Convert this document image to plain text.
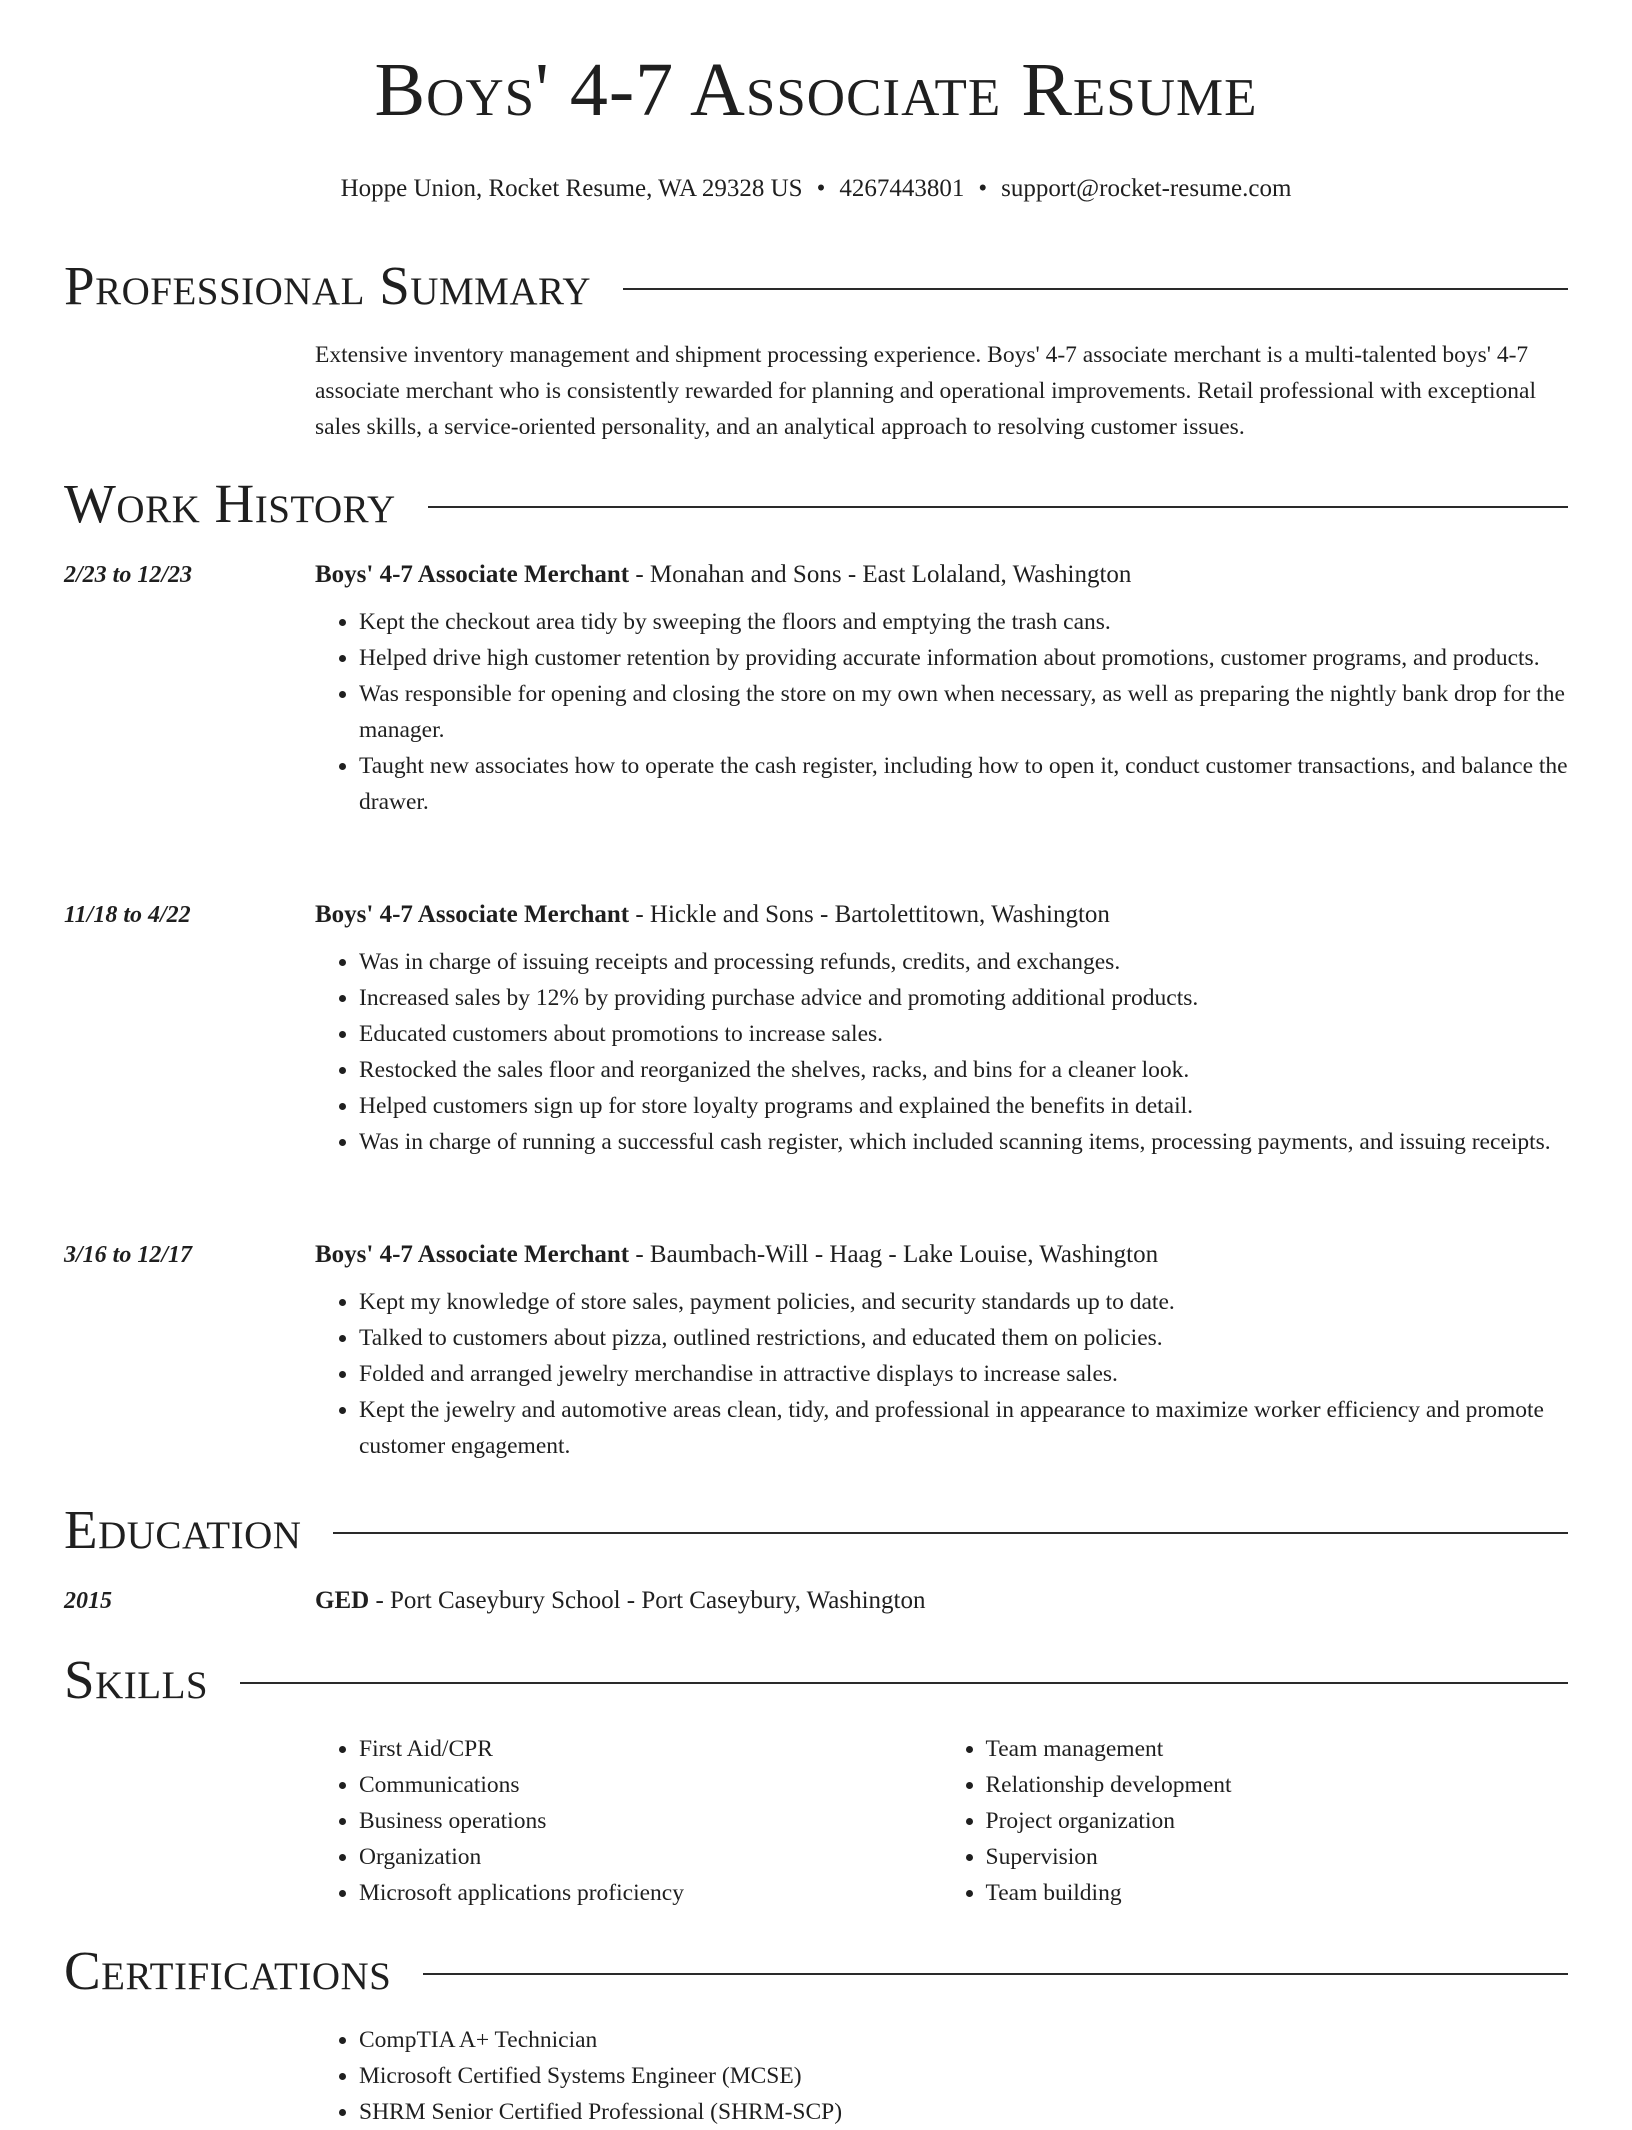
Boys' 4-7 Associate Resume
Hoppe Union, Rocket Resume, WA 29328 US • 4267443801 • support@rocket-resume.com
Professional Summary
Extensive inventory management and shipment processing experience. Boys' 4-7 associate merchant is a multi-talented boys' 4-7 associate merchant who is consistently rewarded for planning and operational improvements. Retail professional with exceptional sales skills, a service-oriented personality, and an analytical approach to resolving customer issues.
Work History
2/23 to 12/23	Boys' 4-7 Associate Merchant - Monahan and Sons - East Lolaland, Washington
• Kept the checkout area tidy by sweeping the floors and emptying the trash cans.
• Helped drive high customer retention by providing accurate information about promotions, customer programs, and products.
• Was responsible for opening and closing the store on my own when necessary, as well as preparing the nightly bank drop for the manager.
• Taught new associates how to operate the cash register, including how to open it, conduct customer transactions, and balance the drawer.
11/18 to 4/22	Boys' 4-7 Associate Merchant - Hickle and Sons - Bartolettitown, Washington
• Was in charge of issuing receipts and processing refunds, credits, and exchanges.
• Increased sales by 12% by providing purchase advice and promoting additional products.
• Educated customers about promotions to increase sales.
• Restocked the sales floor and reorganized the shelves, racks, and bins for a cleaner look.
• Helped customers sign up for store loyalty programs and explained the benefits in detail.
• Was in charge of running a successful cash register, which included scanning items, processing payments, and issuing receipts.
3/16 to 12/17	Boys' 4-7 Associate Merchant - Baumbach-Will - Haag - Lake Louise, Washington
• Kept my knowledge of store sales, payment policies, and security standards up to date.
• Talked to customers about pizza, outlined restrictions, and educated them on policies.
• Folded and arranged jewelry merchandise in attractive displays to increase sales.
• Kept the jewelry and automotive areas clean, tidy, and professional in appearance to maximize worker efficiency and promote customer engagement.
Education
2015	GED - Port Caseybury School - Port Caseybury, Washington
Skills
• First Aid/CPR
• Communications
• Business operations
• Organization
• Microsoft applications proficiency
• Team management
• Relationship development
• Project organization
• Supervision
• Team building
Certifications
• CompTIA A+ Technician
• Microsoft Certified Systems Engineer (MCSE)
• SHRM Senior Certified Professional (SHRM-SCP)
